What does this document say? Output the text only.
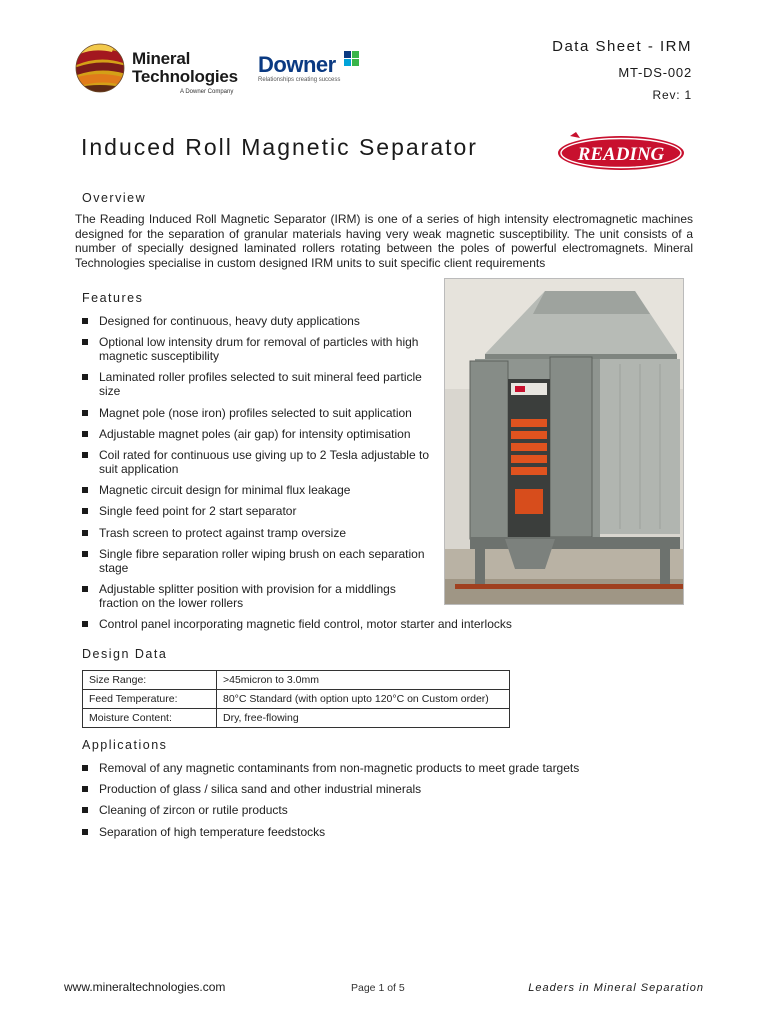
Mineral
Technologies
A Downer Company
Downer
Relationships creating success
Data Sheet - IRM
MT-DS-002
Rev: 1
Induced Roll Magnetic Separator	READING
Overview
The Reading Induced Roll Magnetic Separator (IRM) is one of a series of high intensity electromagnetic machines designed for the separation of granular materials having very weak magnetic susceptibility. The unit consists of a number of specially designed laminated rollers rotating between the poles of powerful electromagnets. Mineral Technologies specialise in custom designed IRM units to suit specific client requirements
Features
Designed for continuous, heavy duty applications
Optional low intensity drum for removal of particles with high magnetic susceptibility
Laminated roller profiles selected to suit mineral feed particle size
Magnet pole (nose iron) profiles selected to suit application
Adjustable magnet poles (air gap) for intensity optimisation
Coil rated for continuous use giving up to 2 Tesla adjustable to suit application
Magnetic circuit design for minimal flux leakage
Single feed point for 2 start separator
Trash screen to protect against tramp oversize
Single fibre separation roller wiping brush on each separation stage
Adjustable splitter position with provision for a middlings fraction on the lower rollers
Control panel incorporating magnetic field control, motor starter and interlocks
Design Data
Size Range:	>45micron to 3.0mm
Feed Temperature:	80°C Standard (with option upto 120°C on Custom order)
Moisture Content:	Dry, free-flowing
Applications
Removal of any magnetic contaminants from non-magnetic products to meet grade targets
Production of glass / silica sand and other industrial minerals
Cleaning of zircon or rutile products
Separation of high temperature feedstocks
www.mineraltechnologies.com	Page 1 of 5	Leaders in Mineral Separation
